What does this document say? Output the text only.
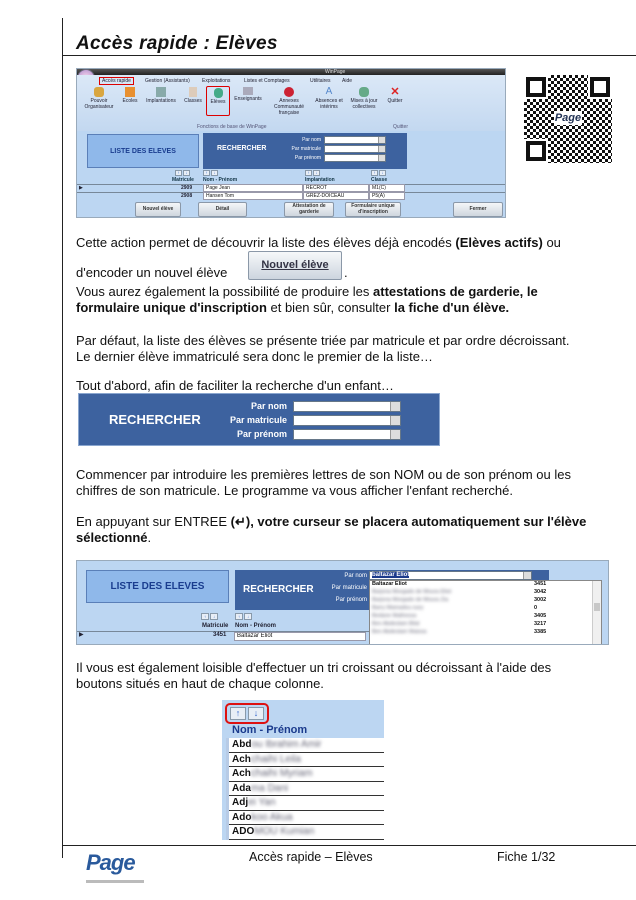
Accès rapide : Elèves
WinPage
Accès rapide	Gestion (Assistants) Exploitations	Listes et Comptages	Utilitaires Aide
Pouvoir Organisateur
Ecoles	Implantations	Classes	Elèves	Enseignants	Annexes Communauté française
A
Absences et intérims
Mises à jour collectives
✕
Quitter
Fonctions de base de WinPage	Quitter
LISTE DES ELEVES	RECHERCHER
Par nom
Par matricule
Par prénom
↑	↓	↑	↓	↑	↓	↑	↓
Matricule Nom - Prénom	Implantation	Classe
▶	2909	Page Jean	RECROT	M1(C)
2908	Hansen Tom	GREZ-DOICEAU	P5(A)
Nouvel élève	Détail	Attestation de garderie
Formulaire unique d'inscription	Fermer
Page
Cette action permet de découvrir la liste des élèves déjà encodés (Elèves actifs) ou
d'encoder un nouvel élève	Nouvel élève	.
Vous aurez également la possibilité de produire les attestations de garderie, le
formulaire unique d'inscription et bien sûr, consulter la fiche d'un élève.
Par défaut, la liste des élèves se présente triée par matricule et par ordre décroissant.
Le dernier élève immatriculé sera donc le premier de la liste…
Tout d'abord, afin de faciliter la recherche d'un enfant…
RECHERCHER
Par nom
Par matricule
Par prénom
Commencer par introduire les premières lettres de son NOM ou de son prénom ou les
chiffres de son matricule. Le programme va vous afficher l'enfant recherché.
En appuyant sur ENTREE (↵), votre curseur se placera automatiquement sur l'élève
sélectionné.
LISTE DES ELEVES	RECHERCHER
Par nom
Par matricule
Par prénom
baltazar Eliot
Baltazar Eliot	3451
Barjona Morgado de Moura Eliot	3042
Barjona Morgado de Moura Zia	3002
Barry Mamadou oury	0
Bedane Mathessa	3405
Ben Abdeslam Bilal	3217
Ben Abdeslam Maissa	3385
↑	↓	↑	↓
Matricule Nom - Prénom
▶	3451	Baltazar Eliot
Il vous est également loisible d'effectuer un tri croissant ou décroissant à l'aide des
boutons situés en haut de chaque colonne.
↑	↓
Nom - Prénom
Abdou Ibrahim Amir
Achchaihi Leila
Achchaihi Myriam
Adama Dani
Adjei Yan
Adokoo Akua
ADOMOU Kumian
Page	Accès rapide – Elèves	Fiche 1/32
